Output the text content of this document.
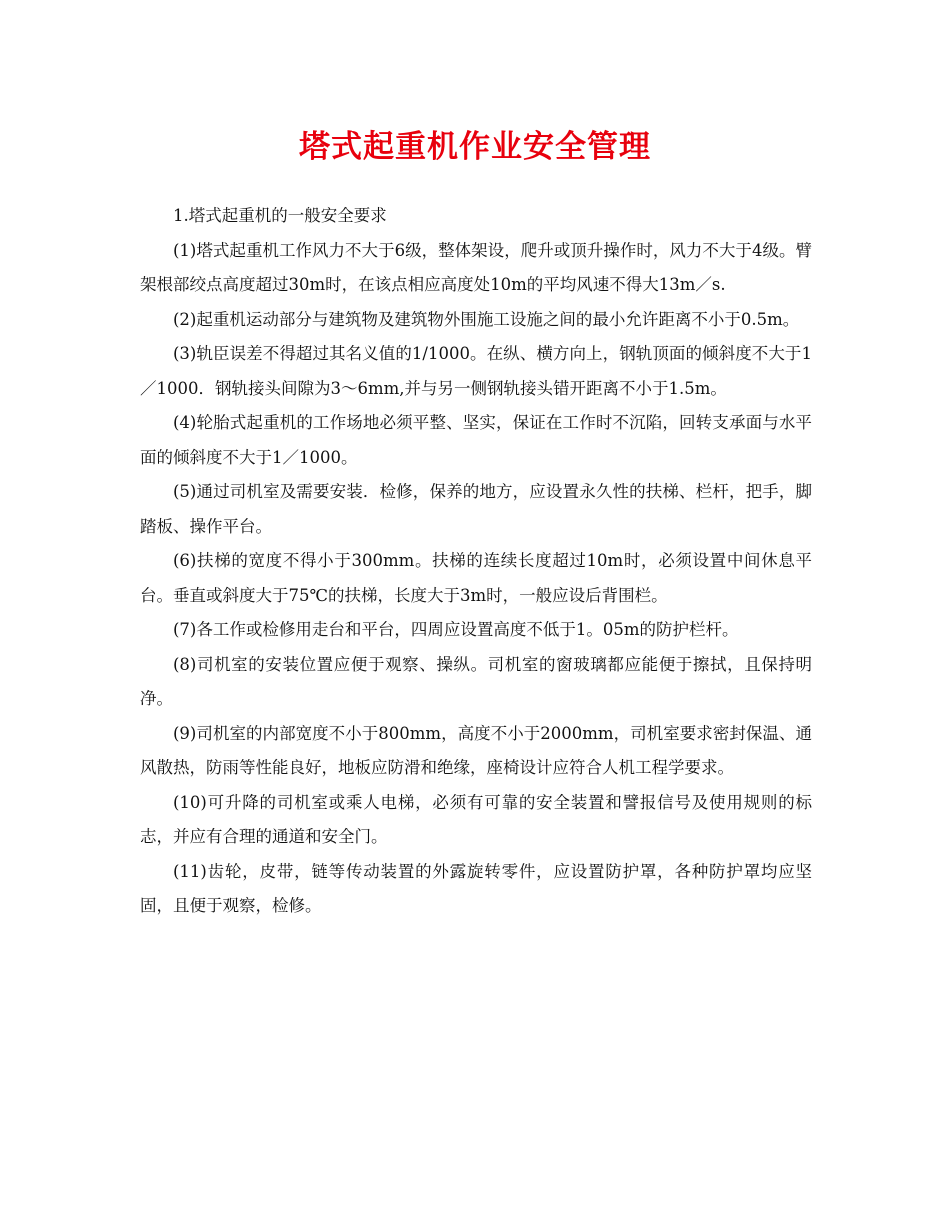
塔式起重机作业安全管理

1.塔式起重机的一般安全要求

(1)塔式起重机工作风力不大于6级，整体架设，爬升或顶升操作时，风力不大于4级。臂架根部绞点高度超过30m时，在该点相应高度处10m的平均风速不得大13m／s.

(2)起重机运动部分与建筑物及建筑物外围施工设施之间的最小允许距离不小于0.5m。

(3)轨臣误差不得超过其名义值的1/1000。在纵、横方向上，钢轨顶面的倾斜度不大于1／1000．钢轨接头间隙为3～6mm,并与另一侧钢轨接头错开距离不小于1.5m。

(4)轮胎式起重机的工作场地必须平整、坚实，保证在工作时不沉陷，回转支承面与水平面的倾斜度不大于1／1000。

(5)通过司机室及需要安装．检修，保养的地方，应设置永久性的扶梯、栏杆，把手，脚踏板、操作平台。

(6)扶梯的宽度不得小于300mm。扶梯的连续长度超过10m时，必须设置中间休息平台。垂直或斜度大于75℃的扶梯，长度大于3m时，一般应设后背围栏。

(7)各工作或检修用走台和平台，四周应设置高度不低于1。05m的防护栏杆。

(8)司机室的安装位置应便于观察、操纵。司机室的窗玻璃都应能便于擦拭，且保持明净。

(9)司机室的内部宽度不小于800mm，高度不小于2000mm，司机室要求密封保温、通风散热，防雨等性能良好，地板应防滑和绝缘，座椅设计应符合人机工程学要求。

(10)可升降的司机室或乘人电梯，必须有可靠的安全装置和譬报信号及使用规则的标志，并应有合理的通道和安全门。

(11)齿轮，皮带，链等传动装置的外露旋转零件，应设置防护罩，各种防护罩均应坚固，且便于观察，检修。
